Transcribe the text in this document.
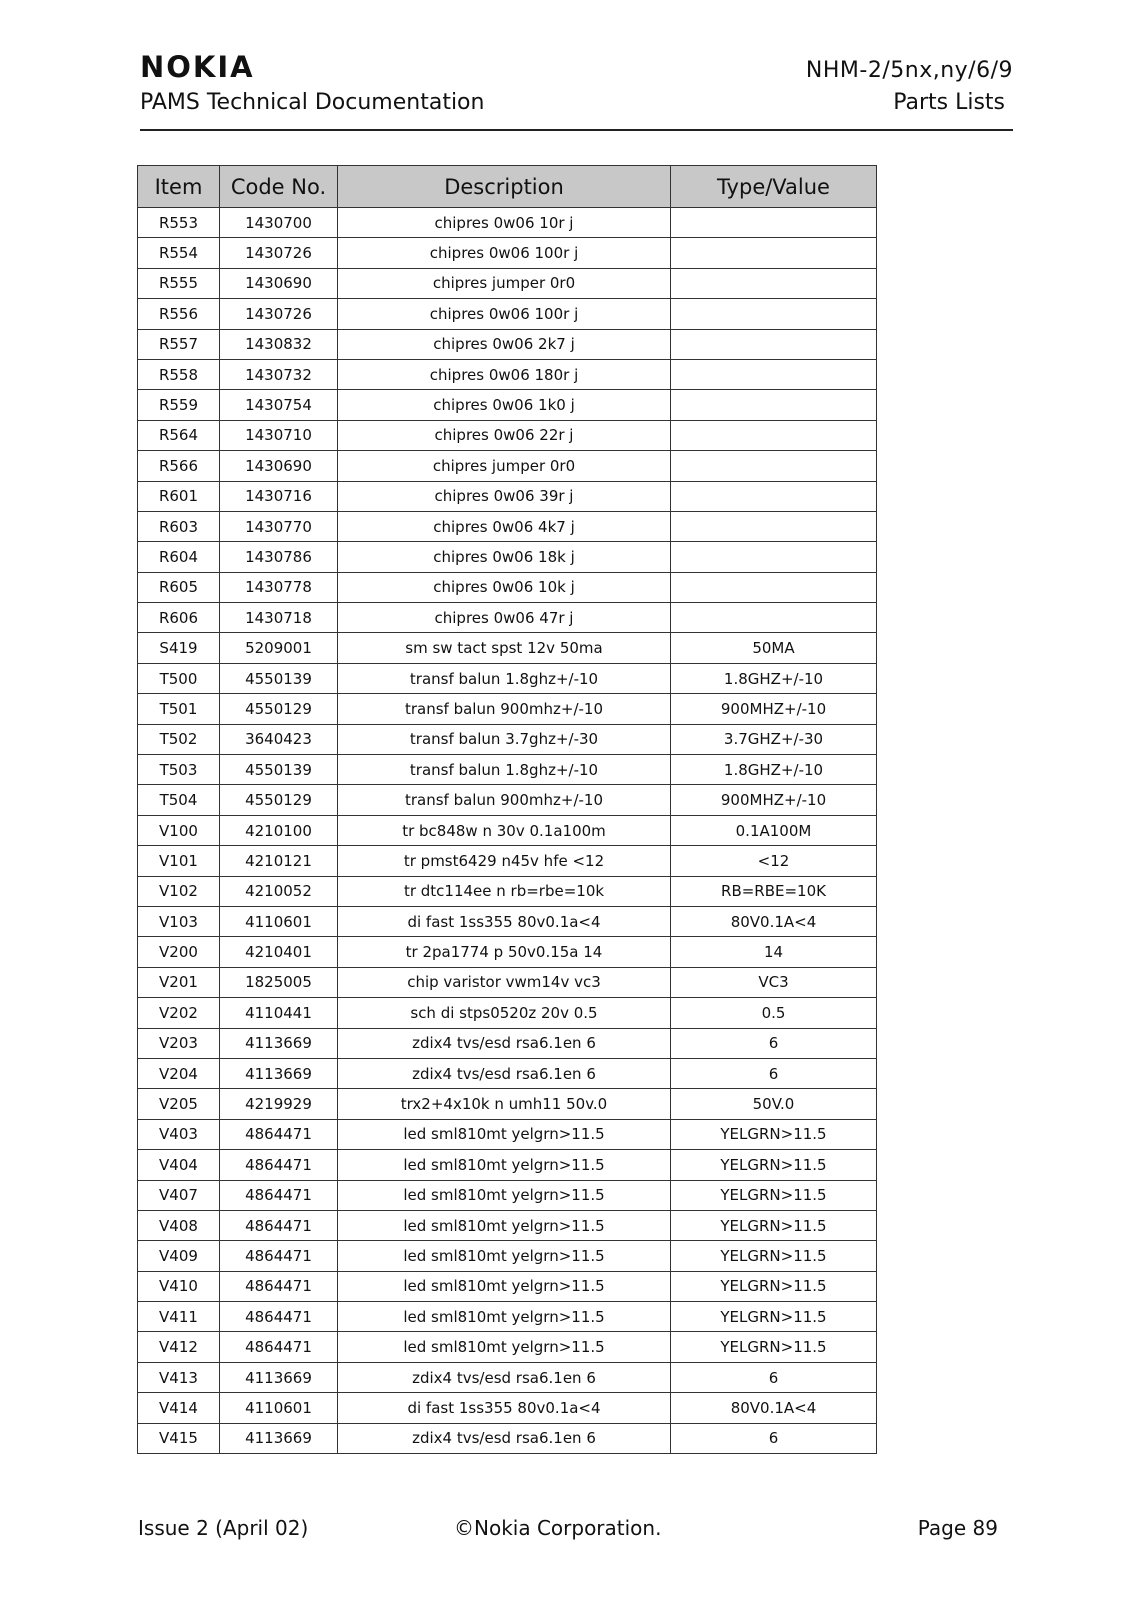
NOKIA	NHM-2/5nx,ny/6/9
PAMS Technical Documentation	Parts Lists
Item	Code No.	Description	Type/Value
R553	1430700	chipres 0w06 10r j	
R554	1430726	chipres 0w06 100r j	
R555	1430690	chipres jumper 0r0	
R556	1430726	chipres 0w06 100r j	
R557	1430832	chipres 0w06 2k7 j	
R558	1430732	chipres 0w06 180r j	
R559	1430754	chipres 0w06 1k0 j	
R564	1430710	chipres 0w06 22r j	
R566	1430690	chipres jumper 0r0	
R601	1430716	chipres 0w06 39r j	
R603	1430770	chipres 0w06 4k7 j	
R604	1430786	chipres 0w06 18k j	
R605	1430778	chipres 0w06 10k j	
R606	1430718	chipres 0w06 47r j	
S419	5209001	sm sw tact spst 12v 50ma	50MA
T500	4550139	transf balun 1.8ghz+/-10	1.8GHZ+/-10
T501	4550129	transf balun 900mhz+/-10	900MHZ+/-10
T502	3640423	transf balun 3.7ghz+/-30	3.7GHZ+/-30
T503	4550139	transf balun 1.8ghz+/-10	1.8GHZ+/-10
T504	4550129	transf balun 900mhz+/-10	900MHZ+/-10
V100	4210100	tr bc848w n 30v 0.1a100m	0.1A100M
V101	4210121	tr pmst6429 n45v hfe <12	<12
V102	4210052	tr dtc114ee n rb=rbe=10k	RB=RBE=10K
V103	4110601	di fast 1ss355 80v0.1a<4	80V0.1A<4
V200	4210401	tr 2pa1774 p 50v0.15a 14	14
V201	1825005	chip varistor vwm14v vc3	VC3
V202	4110441	sch di stps0520z 20v 0.5	0.5
V203	4113669	zdix4 tvs/esd rsa6.1en 6	6
V204	4113669	zdix4 tvs/esd rsa6.1en 6	6
V205	4219929	trx2+4x10k n umh11 50v.0	50V.0
V403	4864471	led sml810mt yelgrn>11.5	YELGRN>11.5
V404	4864471	led sml810mt yelgrn>11.5	YELGRN>11.5
V407	4864471	led sml810mt yelgrn>11.5	YELGRN>11.5
V408	4864471	led sml810mt yelgrn>11.5	YELGRN>11.5
V409	4864471	led sml810mt yelgrn>11.5	YELGRN>11.5
V410	4864471	led sml810mt yelgrn>11.5	YELGRN>11.5
V411	4864471	led sml810mt yelgrn>11.5	YELGRN>11.5
V412	4864471	led sml810mt yelgrn>11.5	YELGRN>11.5
V413	4113669	zdix4 tvs/esd rsa6.1en 6	6
V414	4110601	di fast 1ss355 80v0.1a<4	80V0.1A<4
V415	4113669	zdix4 tvs/esd rsa6.1en 6	6
Issue 2 (April 02)	©Nokia Corporation.	Page 89
